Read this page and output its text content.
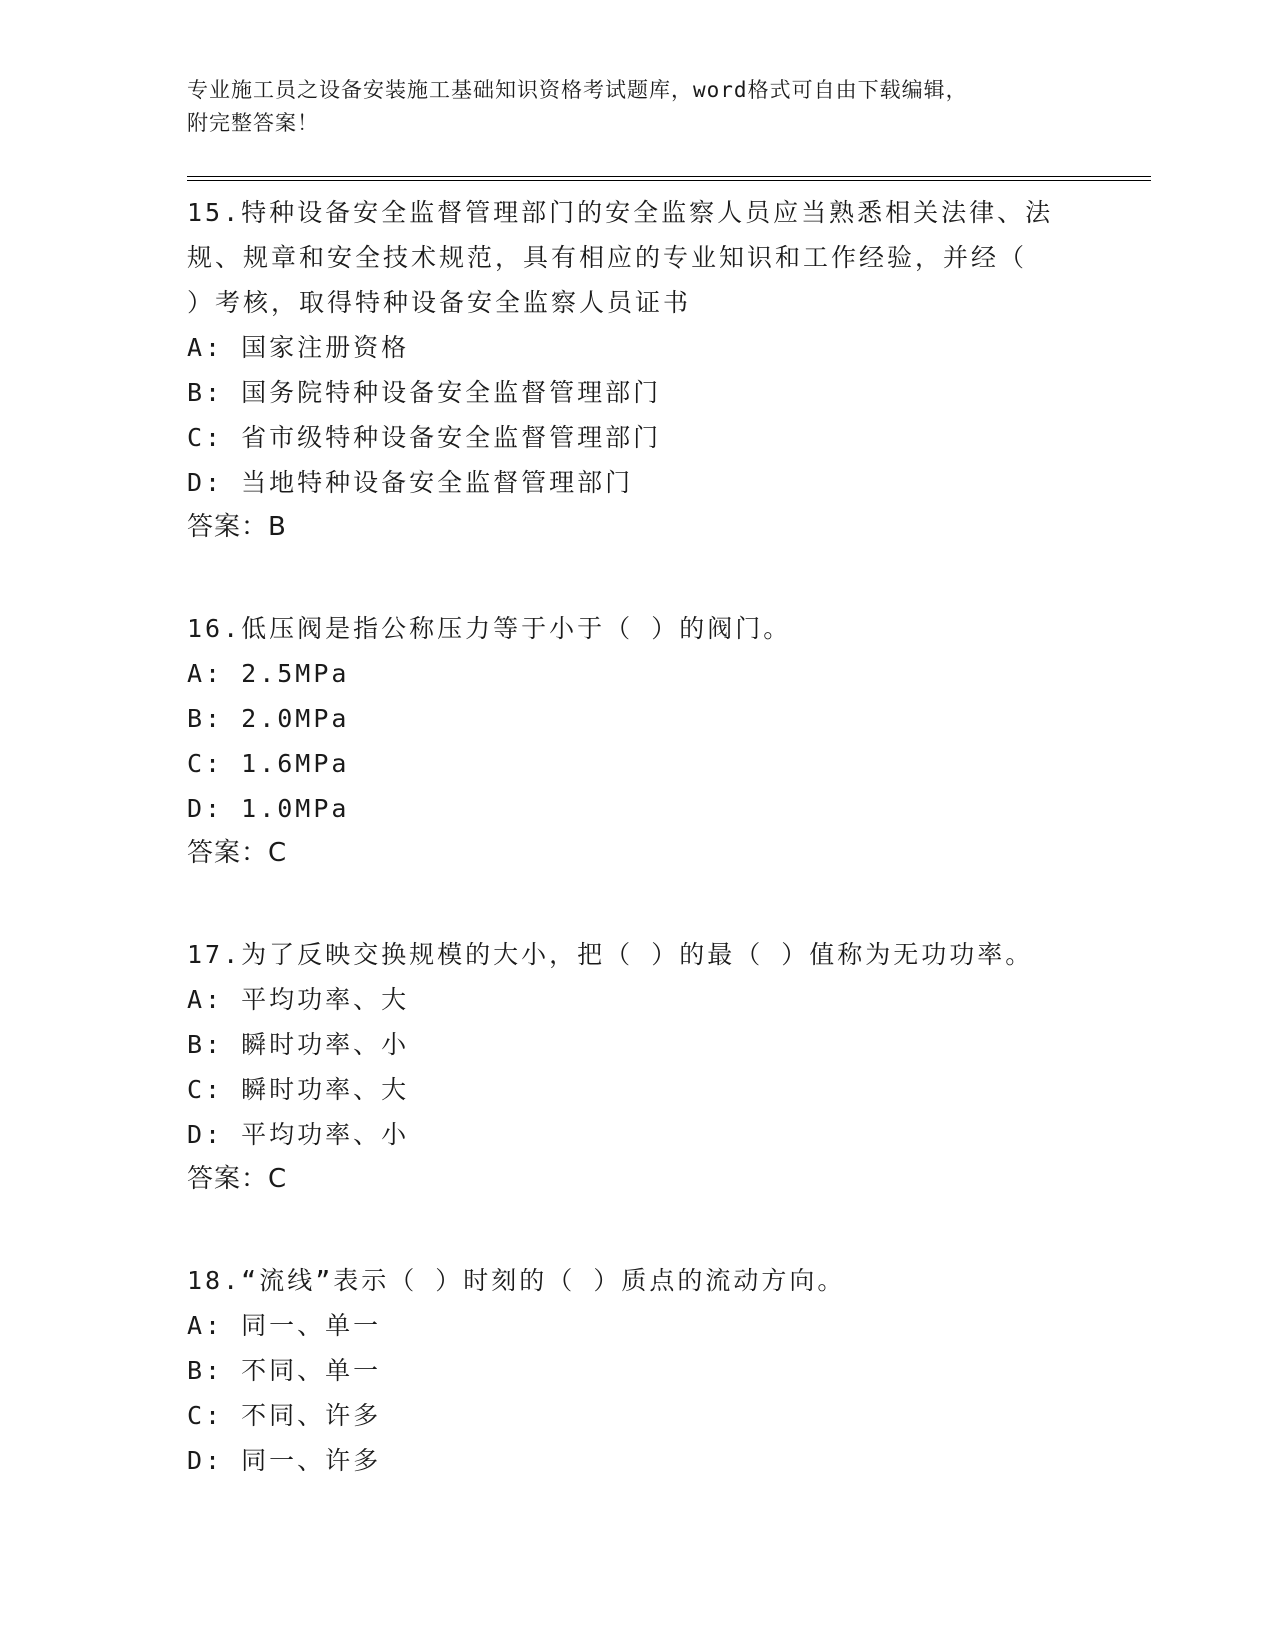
专业施工员之设备安装施工基础知识资格考试题库，word格式可自由下载编辑，
附完整答案！

15.特种设备安全监督管理部门的安全监察人员应当熟悉相关法律、法

规、规章和安全技术规范，具有相应的专业知识和工作经验，并经（

）考核，取得特种设备安全监察人员证书

A: 国家注册资格

B: 国务院特种设备安全监督管理部门

C: 省市级特种设备安全监督管理部门

D: 当地特种设备安全监督管理部门

答案：B

16.低压阀是指公称压力等于小于（ ）的阀门。

A: 2.5MPa

B: 2.0MPa

C: 1.6MPa

D: 1.0MPa

答案：C

17.为了反映交换规模的大小，把（ ）的最（ ）值称为无功功率。

A: 平均功率、大

B: 瞬时功率、小

C: 瞬时功率、大

D: 平均功率、小

答案：C

18.“流线”表示（ ）时刻的（ ）质点的流动方向。

A: 同一、单一

B: 不同、单一

C: 不同、许多

D: 同一、许多
